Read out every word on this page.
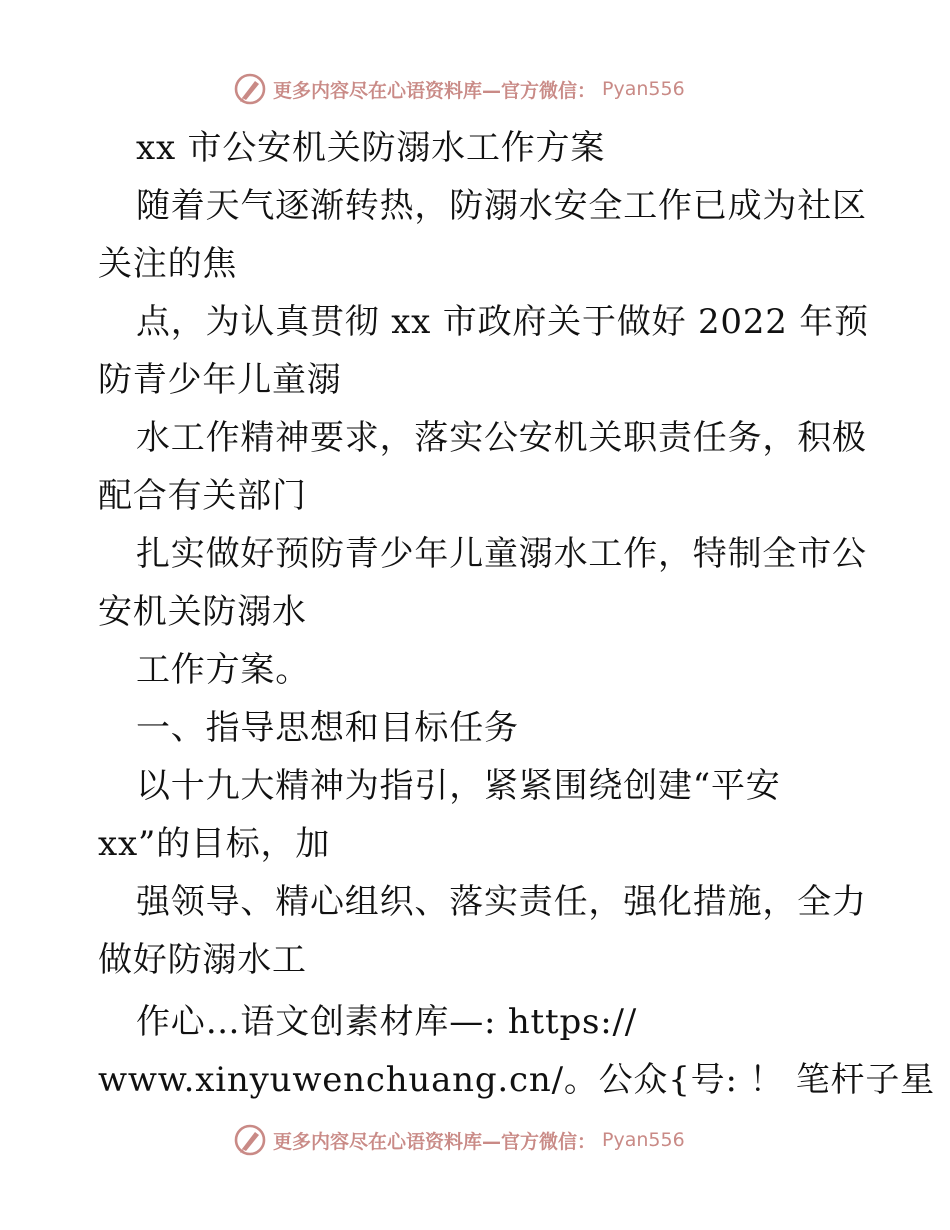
更多内容尽在心语资料库—官方微信： Pyan556
xx 市公安机关防溺水工作方案
随着天气逐渐转热，防溺水安全工作已成为社区
关注的焦
点，为认真贯彻 xx 市政府关于做好 2022 年预
防青少年儿童溺
水工作精神要求，落实公安机关职责任务，积极
配合有关部门
扎实做好预防青少年儿童溺水工作，特制全市公
安机关防溺水
工作方案。
一、指导思想和目标任务
以十九大精神为指引，紧紧围绕创建“平安
xx”的目标，加
强领导、精心组织、落实责任，强化措施，全力
做好防溺水工
作心…语文创素材库—: https://
www.xinyuwenchuang.cn/。公众{号: ！ 笔杆子星
更多内容尽在心语资料库—官方微信： Pyan556
